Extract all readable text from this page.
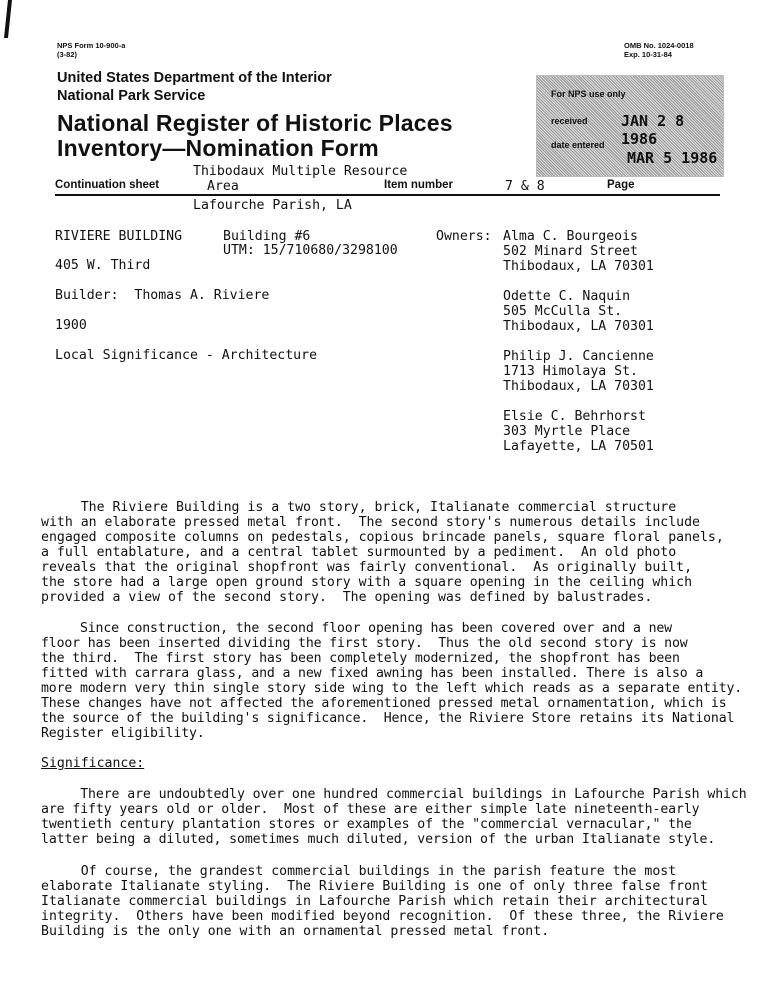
NPS Form 10-900-a
(3-82)
OMB No. 1024-0018
Exp. 10-31-84
United States Department of the Interior
National Park Service
National Register of Historic Places
Inventory—Nomination Form
For NPS use only
received JAN 2 8 1986
date entered
MAR 5 1986
Thibodaux Multiple Resource
Continuation sheet	Area	Item number	7 & 8	Page
Lafourche Parish, LA
RIVIERE BUILDING	Building #6
UTM: 15/710680/3298100
405 W. Third
Builder:  Thomas A. Riviere
1900
Local Significance - Architecture
Owners: Alma C. Bourgeois
502 Minard Street
Thibodaux, LA 70301
Odette C. Naquin
505 McCulla St.
Thibodaux, LA 70301
Philip J. Cancienne
1713 Himolaya St.
Thibodaux, LA 70301
Elsie C. Behrhorst
303 Myrtle Place
Lafayette, LA 70501
The Riviere Building is a two story, brick, Italianate commercial structure
with an elaborate pressed metal front.  The second story's numerous details include
engaged composite columns on pedestals, copious brincade panels, square floral panels,
a full entablature, and a central tablet surmounted by a pediment.  An old photo
reveals that the original shopfront was fairly conventional.  As originally built,
the store had a large open ground story with a square opening in the ceiling which
provided a view of the second story.  The opening was defined by balustrades.
Since construction, the second floor opening has been covered over and a new
floor has been inserted dividing the first story.  Thus the old second story is now
the third.  The first story has been completely modernized, the shopfront has been
fitted with carrara glass, and a new fixed awning has been installed. There is also a
more modern very thin single story side wing to the left which reads as a separate entity.
These changes have not affected the aforementioned pressed metal ornamentation, which is
the source of the building's significance.  Hence, the Riviere Store retains its National
Register eligibility.
Significance:
There are undoubtedly over one hundred commercial buildings in Lafourche Parish which
are fifty years old or older.  Most of these are either simple late nineteenth-early
twentieth century plantation stores or examples of the "commercial vernacular," the
latter being a diluted, sometimes much diluted, version of the urban Italianate style.
Of course, the grandest commercial buildings in the parish feature the most
elaborate Italianate styling.  The Riviere Building is one of only three false front
Italianate commercial buildings in Lafourche Parish which retain their architectural
integrity.  Others have been modified beyond recognition.  Of these three, the Riviere
Building is the only one with an ornamental pressed metal front.
